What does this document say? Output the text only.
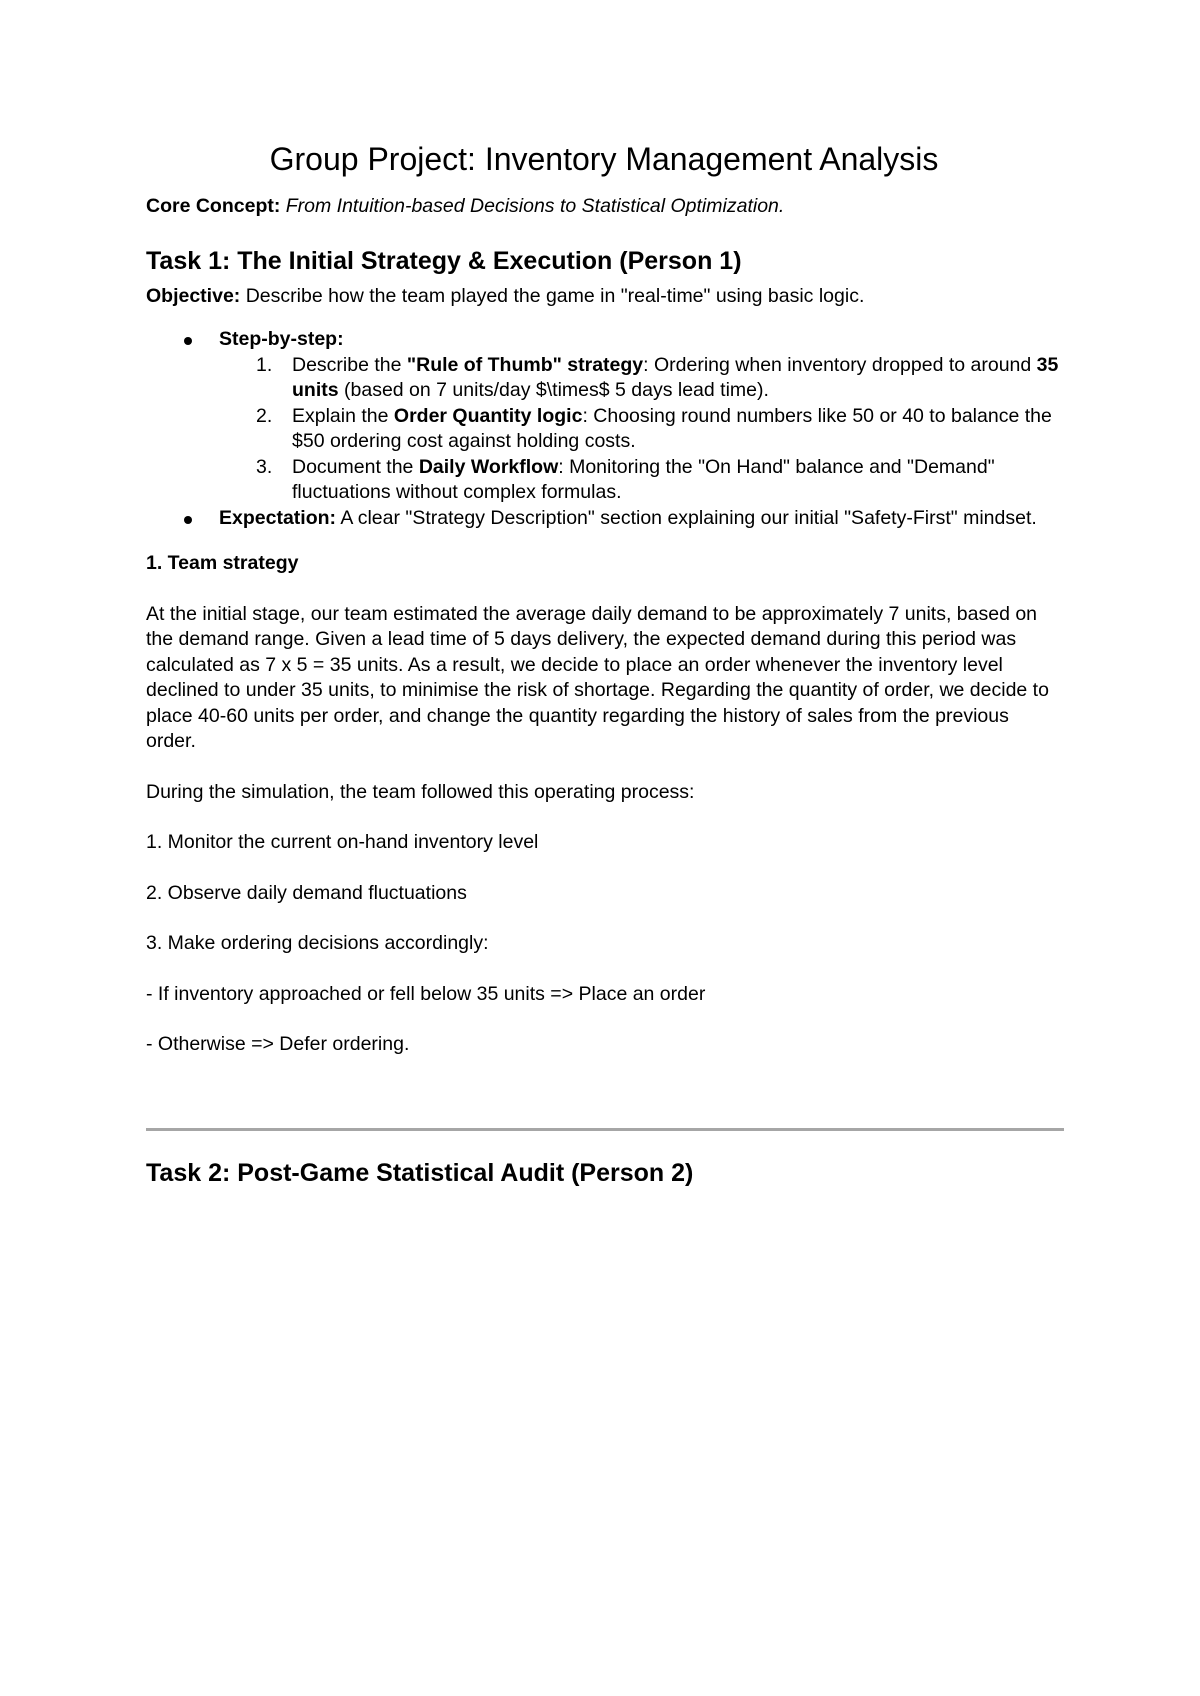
Group Project: Inventory Management Analysis

Core Concept: From Intuition-based Decisions to Statistical Optimization.

Task 1: The Initial Strategy & Execution (Person 1)

Objective: Describe how the team played the game in "real-time" using basic logic.

Step-by-step:
1. Describe the "Rule of Thumb" strategy: Ordering when inventory dropped to around 35 units (based on 7 units/day $\times$ 5 days lead time).
2. Explain the Order Quantity logic: Choosing round numbers like 50 or 40 to balance the $50 ordering cost against holding costs.
3. Document the Daily Workflow: Monitoring the "On Hand" balance and "Demand" fluctuations without complex formulas.
Expectation: A clear "Strategy Description" section explaining our initial "Safety-First" mindset.

1. Team strategy

At the initial stage, our team estimated the average daily demand to be approximately 7 units, based on the demand range. Given a lead time of 5 days delivery, the expected demand during this period was calculated as 7 x 5 = 35 units. As a result, we decide to place an order whenever the inventory level declined to under 35 units, to minimise the risk of shortage. Regarding the quantity of order, we decide to place 40-60 units per order, and change the quantity regarding the history of sales from the previous order.

During the simulation, the team followed this operating process:

1. Monitor the current on-hand inventory level

2. Observe daily demand fluctuations

3. Make ordering decisions accordingly:

- If inventory approached or fell below 35 units => Place an order

- Otherwise => Defer ordering.

Task 2: Post-Game Statistical Audit (Person 2)
